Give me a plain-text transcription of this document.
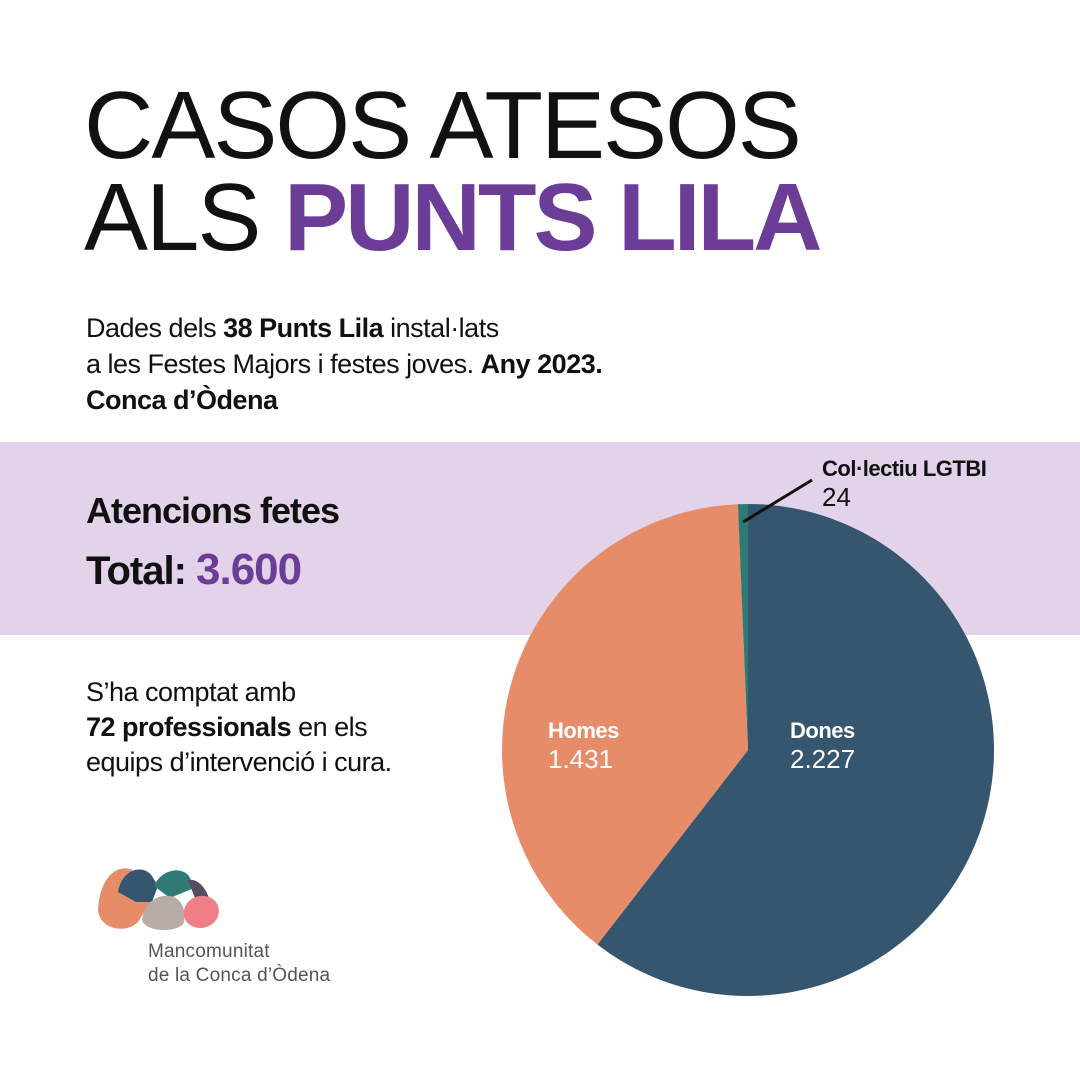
CASOS ATESOS
ALS PUNTS LILA

Dades dels 38 Punts Lila instal·lats
a les Festes Majors i festes joves. Any 2023.
Conca d’Òdena

Atencions fetes

Total: 3.600

S’ha comptat amb
72 professionals en els
equips d’intervenció i cura.

Dones
2.227
Homes
1.431
Col·lectiu LGTBI
24

Mancomunitat
de la Conca d’Òdena
